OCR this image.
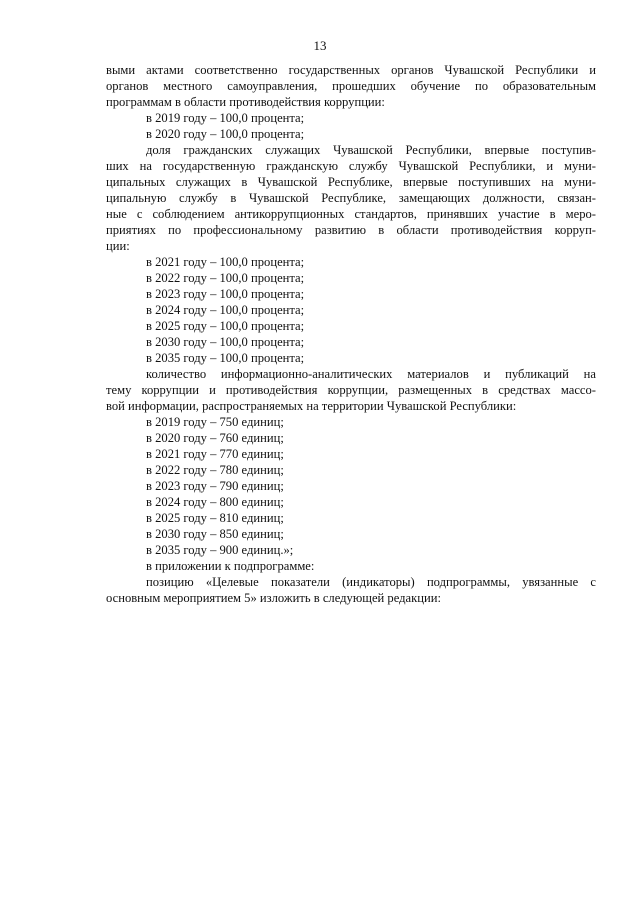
13
выми актами соответственно государственных органов Чувашской Республики и
органов местного самоуправления, прошедших обучение по образовательным
программам в области противодействия коррупции:
в 2019 году – 100,0 процента;
в 2020 году – 100,0 процента;
доля гражданских служащих Чувашской Республики, впервые поступив-
ших на государственную гражданскую службу Чувашской Республики, и муни-
ципальных служащих в Чувашской Республике, впервые поступивших на муни-
ципальную службу в Чувашской Республике, замещающих должности, связан-
ные с соблюдением антикоррупционных стандартов, принявших участие в меро-
приятиях по профессиональному развитию в области противодействия корруп-
ции:
в 2021 году – 100,0 процента;
в 2022 году – 100,0 процента;
в 2023 году – 100,0 процента;
в 2024 году – 100,0 процента;
в 2025 году – 100,0 процента;
в 2030 году – 100,0 процента;
в 2035 году – 100,0 процента;
количество информационно-аналитических материалов и публикаций на
тему коррупции и противодействия коррупции, размещенных в средствах массо-
вой информации, распространяемых на территории Чувашской Республики:
в 2019 году – 750 единиц;
в 2020 году – 760 единиц;
в 2021 году – 770 единиц;
в 2022 году – 780 единиц;
в 2023 году – 790 единиц;
в 2024 году – 800 единиц;
в 2025 году – 810 единиц;
в 2030 году – 850 единиц;
в 2035 году – 900 единиц.»;
в приложении к подпрограмме:
позицию «Целевые показатели (индикаторы) подпрограммы, увязанные с
основным мероприятием 5» изложить в следующей редакции:
